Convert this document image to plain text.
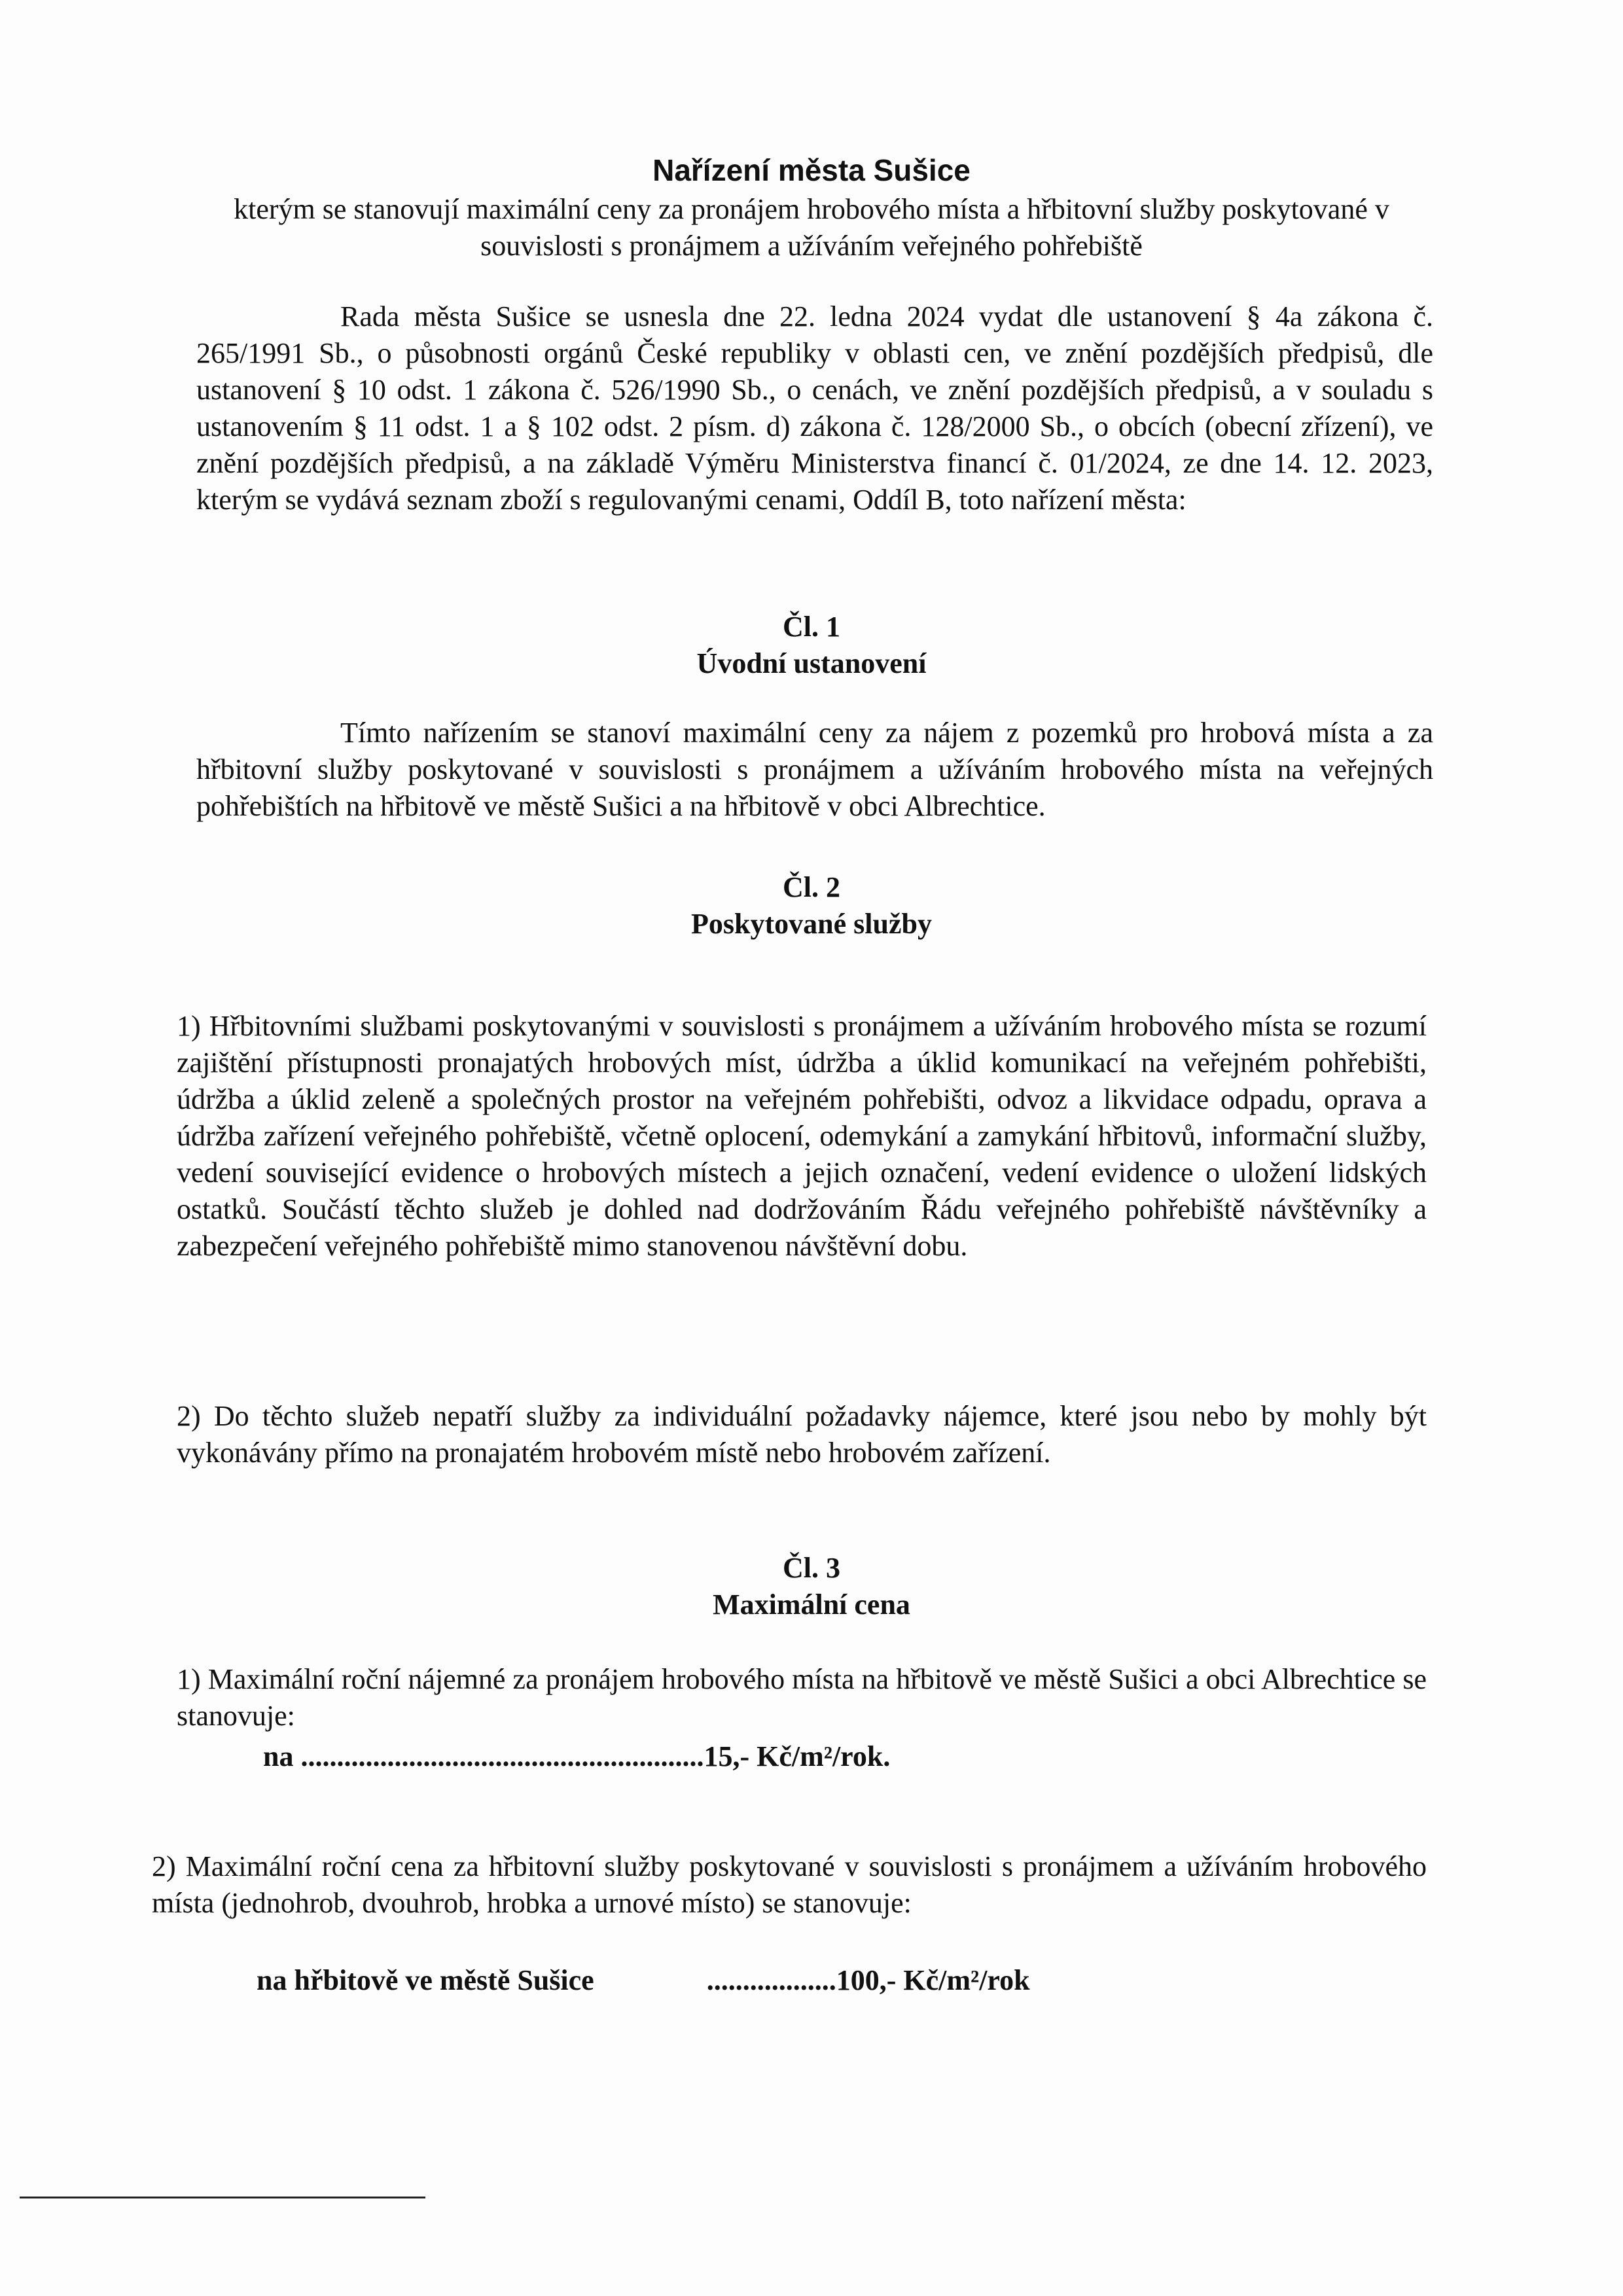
Nařízení města Sušice
kterým se stanovují maximální ceny za pronájem hrobového místa a hřbitovní služby poskytované v souvislosti s pronájmem a užíváním veřejného pohřebiště
Rada města Sušice se usnesla dne 22. ledna 2024 vydat dle ustanovení § 4a zákona č. 265/1991 Sb., o působnosti orgánů České republiky v oblasti cen, ve znění pozdějších předpisů, dle ustanovení § 10 odst. 1 zákona č. 526/1990 Sb., o cenách, ve znění pozdějších předpisů, a v souladu s ustanovením § 11 odst. 1 a § 102 odst. 2 písm. d) zákona č. 128/2000 Sb., o obcích (obecní zřízení), ve znění pozdějších předpisů, a na základě Výměru Ministerstva financí č. 01/2024, ze dne 14. 12. 2023, kterým se vydává seznam zboží s regulovanými cenami, Oddíl B, toto nařízení města:
Čl. 1
Úvodní ustanovení
Tímto nařízením se stanoví maximální ceny za nájem z pozemků pro hrobová místa a za hřbitovní služby poskytované v souvislosti s pronájmem a užíváním hrobového místa na veřejných pohřebištích na hřbitově ve městě Sušici a na hřbitově v obci Albrechtice.
Čl. 2
Poskytované služby
1) Hřbitovními službami poskytovanými v souvislosti s pronájmem a užíváním hrobového místa se rozumí zajištění přístupnosti pronajatých hrobových míst, údržba a úklid komunikací na veřejném pohřebišti, údržba a úklid zeleně a společných prostor na veřejném pohřebišti, odvoz a likvidace odpadu, oprava a údržba zařízení veřejného pohřebiště, včetně oplocení, odemykání a zamykání hřbitovů, informační služby, vedení související evidence o hrobových místech a jejich označení, vedení evidence o uložení lidských ostatků. Součástí těchto služeb je dohled nad dodržováním Řádu veřejného pohřebiště návštěvníky a zabezpečení veřejného pohřebiště mimo stanovenou návštěvní dobu.
2) Do těchto služeb nepatří služby za individuální požadavky nájemce, které jsou nebo by mohly být vykonávány přímo na pronajatém hrobovém místě nebo hrobovém zařízení.
Čl. 3
Maximální cena
1) Maximální roční nájemné za pronájem hrobového místa na hřbitově ve městě Sušici a obci Albrechtice se stanovuje:
na ........................................................15,- Kč/m²/rok.
2) Maximální roční cena za hřbitovní služby poskytované v souvislosti s pronájmem a užíváním hrobového místa (jednohrob, dvouhrob, hrobka a urnové místo) se stanovuje:
na hřbitově ve městě Sušice	..................100,- Kč/m²/rok
